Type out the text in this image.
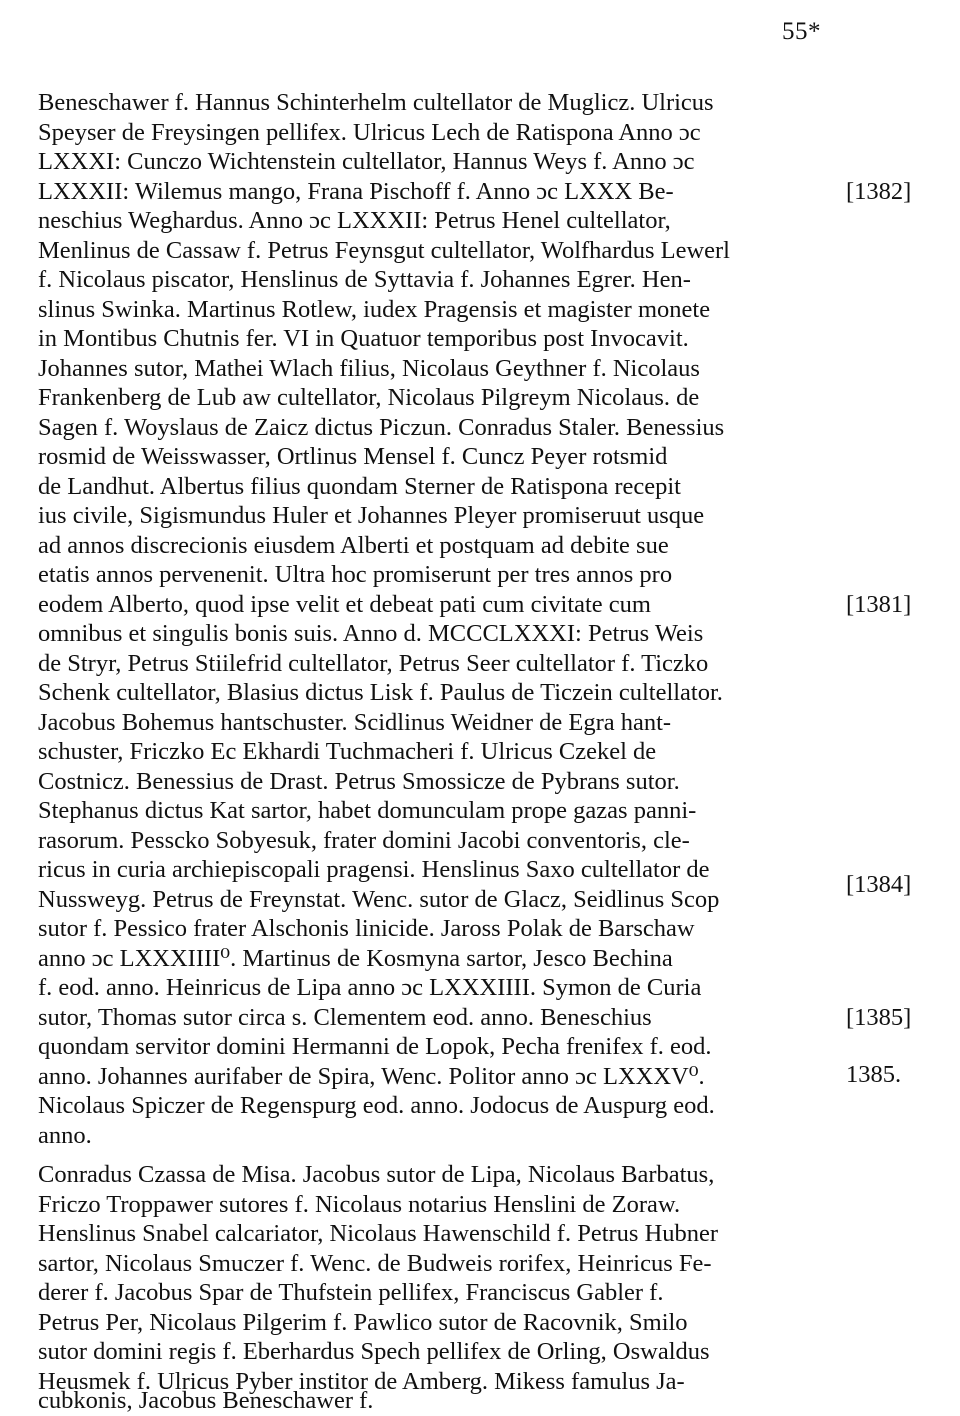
55*
Beneschawer f. Hannus Schinterhelm cultellator de Muglicz. Ulricus
Speyser de Freysingen pellifex. Ulricus Lech de Ratispona Anno ɔc
LXXXI: Cunczo Wichtenstein cultellator, Hannus Weys f. Anno ɔc
LXXXII: Wilemus mango, Frana Pischoff f. Anno ɔc LXXX Be-
neschius Weghardus. Anno ɔc LXXXII: Petrus Henel cultellator,
Menlinus de Cassaw f. Petrus Feynsgut cultellator, Wolfhardus Lewerl
f. Nicolaus piscator, Henslinus de Syttavia f. Johannes Egrer. Hen-
slinus Swinka. Martinus Rotlew, iudex Pragensis et magister monete
in Montibus Chutnis fer. VI in Quatuor temporibus post Invocavit.
Johannes sutor, Mathei Wlach filius, Nicolaus Geythner f. Nicolaus
Frankenberg de Lub aw cultellator, Nicolaus Pilgreym Nicolaus. de
Sagen f. Woyslaus de Zaicz dictus Piczun. Conradus Staler. Benessius
rosmid de Weisswasser, Ortlinus Mensel f. Cuncz Peyer rotsmid
de Landhut. Albertus filius quondam Sterner de Ratispona recepit
ius civile, Sigismundus Huler et Johannes Pleyer promiseruut usque
ad annos discrecionis eiusdem Alberti et postquam ad debite sue
etatis annos pervenenit. Ultra hoc promiserunt per tres annos pro
eodem Alberto, quod ipse velit et debeat pati cum civitate cum
omnibus et singulis bonis suis. Anno d. MCCCLXXXI: Petrus Weis
de Stryr, Petrus Stiilefrid cultellator, Petrus Seer cultellator f. Ticzko
Schenk cultellator, Blasius dictus Lisk f. Paulus de Ticzein cultellator.
Jacobus Bohemus hantschuster. Scidlinus Weidner de Egra hant-
schuster, Friczko Ec Ekhardi Tuchmacheri f. Ulricus Czekel de
Costnicz. Benessius de Drast. Petrus Smossicze de Pybrans sutor.
Stephanus dictus Kat sartor, habet domunculam prope gazas panni-
rasorum. Pessсko Sobyesuk, frater domini Jacobi conventoris, cle-
ricus in curia archiepiscopali pragensi. Henslinus Saxo cultellator de
Nussweyg. Petrus de Freynstat. Wenc. sutor de Glacz, Seidlinus Scop
sutor f. Pessico frater Alschonis linicide. Jaross Polak de Barschaw
anno ɔc LXXXIIII⁰. Martinus de Kosmyna sartor, Jesco Bechina
f. eod. anno. Heinricus de Lipa anno ɔc LXXXIIII. Symon de Curia
sutor, Thomas sutor circa s. Clementem eod. anno. Beneschius
quondam servitor domini Hermanni de Lopok, Pecha frenifex f. eod.
anno. Johannes aurifaber de Spira, Wenc. Politor anno ɔc LXXXV⁰.
Nicolaus Spiczer de Regenspurg eod. anno. Jodocus de Auspurg eod.
anno.
Conradus Czassa de Misa. Jacobus sutor de Lipa, Nicolaus Barbatus,
Friczo Troppawer sutores f. Nicolaus notarius Henslini de Zoraw.
Henslinus Snabel calcariator, Nicolaus Hawenschild f. Petrus Hubner
sartor, Nicolaus Smuczer f. Wenc. de Budweis rorifex, Heinricus Fe-
derer f. Jacobus Spar de Thufstein pellifex, Franciscus Gabler f.
Petrus Per, Nicolaus Pilgerim f. Pawlico sutor de Racovnik, Smilo
sutor domini regis f. Eberhardus Spech pellifex de Orling, Oswaldus
Heusmek f. Ulricus Pyber institor de Amberg. Mikess famulus Ja-
cubkonis, Jacobus Beneschawer f.
[1382]
[1381]
[1384]
[1385]
1385.
